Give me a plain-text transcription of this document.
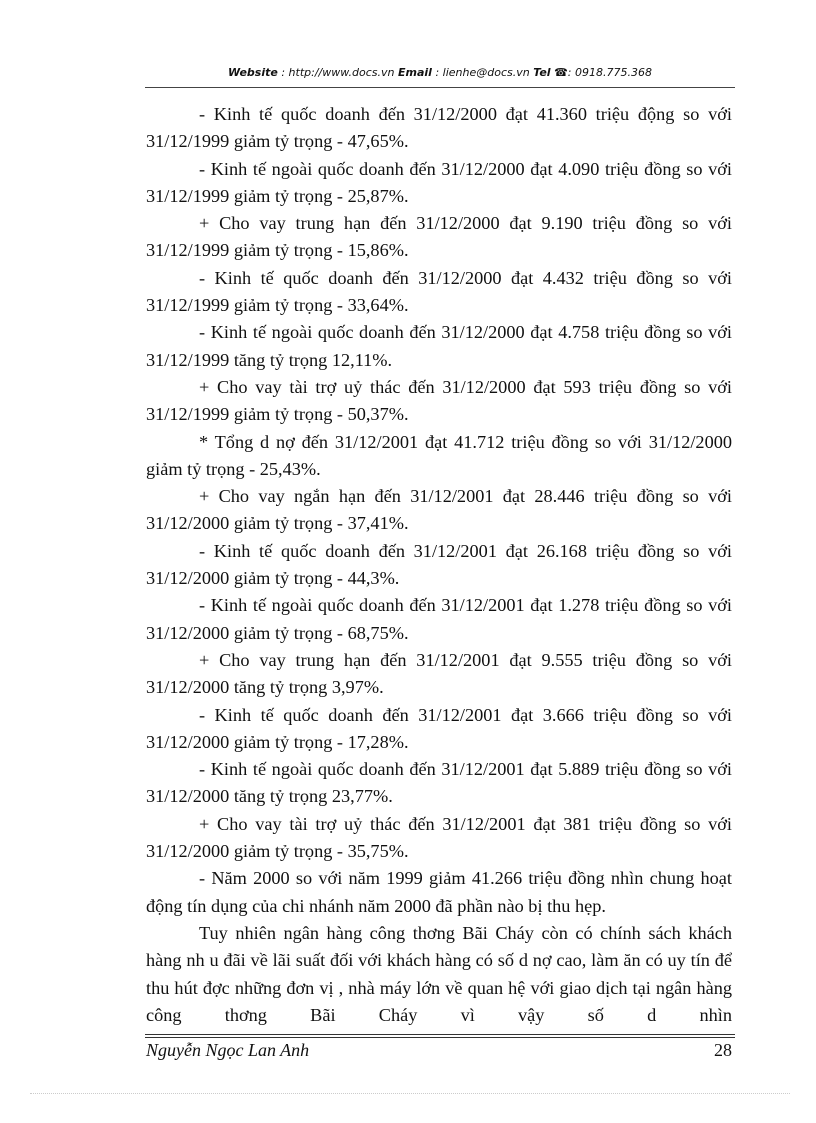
Website : http://www.docs.vn Email : lienhe@docs.vn Tel ☎: 0918.775.368

- Kinh tế quốc doanh đến 31/12/2000 đạt 41.360 triệu động so với 31/12/1999 giảm tỷ trọng - 47,65%.

- Kinh tế ngoài quốc doanh đến 31/12/2000 đạt 4.090 triệu đồng so với 31/12/1999 giảm tỷ trọng - 25,87%.

+ Cho vay trung hạn đến 31/12/2000 đạt 9.190 triệu đồng so với 31/12/1999 giảm tỷ trọng - 15,86%.

- Kinh tế quốc doanh đến 31/12/2000 đạt 4.432 triệu đồng so với 31/12/1999 giảm tỷ trọng - 33,64%.

- Kinh tế ngoài quốc doanh đến 31/12/2000 đạt 4.758 triệu đồng so với 31/12/1999 tăng tỷ trọng 12,11%.

+ Cho vay tài trợ uỷ thác đến 31/12/2000 đạt 593 triệu đồng so với 31/12/1999 giảm tỷ trọng - 50,37%.

* Tổng d nợ đến 31/12/2001 đạt 41.712 triệu đồng so với 31/12/2000 giảm tỷ trọng - 25,43%.

+ Cho vay ngắn hạn đến 31/12/2001 đạt 28.446 triệu đồng so với 31/12/2000 giảm tỷ trọng - 37,41%.

- Kinh tế quốc doanh đến 31/12/2001 đạt 26.168 triệu đồng so với 31/12/2000 giảm tỷ trọng - 44,3%.

- Kinh tế ngoài quốc doanh đến 31/12/2001 đạt 1.278 triệu đồng so với 31/12/2000 giảm tỷ trọng - 68,75%.

+ Cho vay trung hạn đến 31/12/2001 đạt 9.555 triệu đồng so với 31/12/2000 tăng tỷ trọng 3,97%.

- Kinh tế quốc doanh đến 31/12/2001 đạt 3.666 triệu đồng so với 31/12/2000 giảm tỷ trọng - 17,28%.

- Kinh tế ngoài quốc doanh đến 31/12/2001 đạt 5.889 triệu đồng so với 31/12/2000 tăng tỷ trọng 23,77%.

+ Cho vay tài trợ uỷ thác đến 31/12/2001 đạt 381 triệu đồng so với 31/12/2000 giảm tỷ trọng - 35,75%.

- Năm 2000 so với năm 1999 giảm 41.266 triệu đồng nhìn chung hoạt động tín dụng của chi nhánh năm 2000 đã phần nào bị thu hẹp.

Tuy nhiên ngân hàng công thơng Bãi Cháy còn có chính sách khách hàng nh u đãi về lãi suất đối với khách hàng có số d nợ cao, làm ăn có uy tín để thu hút đợc những đơn vị , nhà máy lớn về quan hệ với giao dịch tại ngân hàng công thơng Bãi Cháy vì vậy số d nhìn

Nguyễn Ngọc Lan Anh	28
